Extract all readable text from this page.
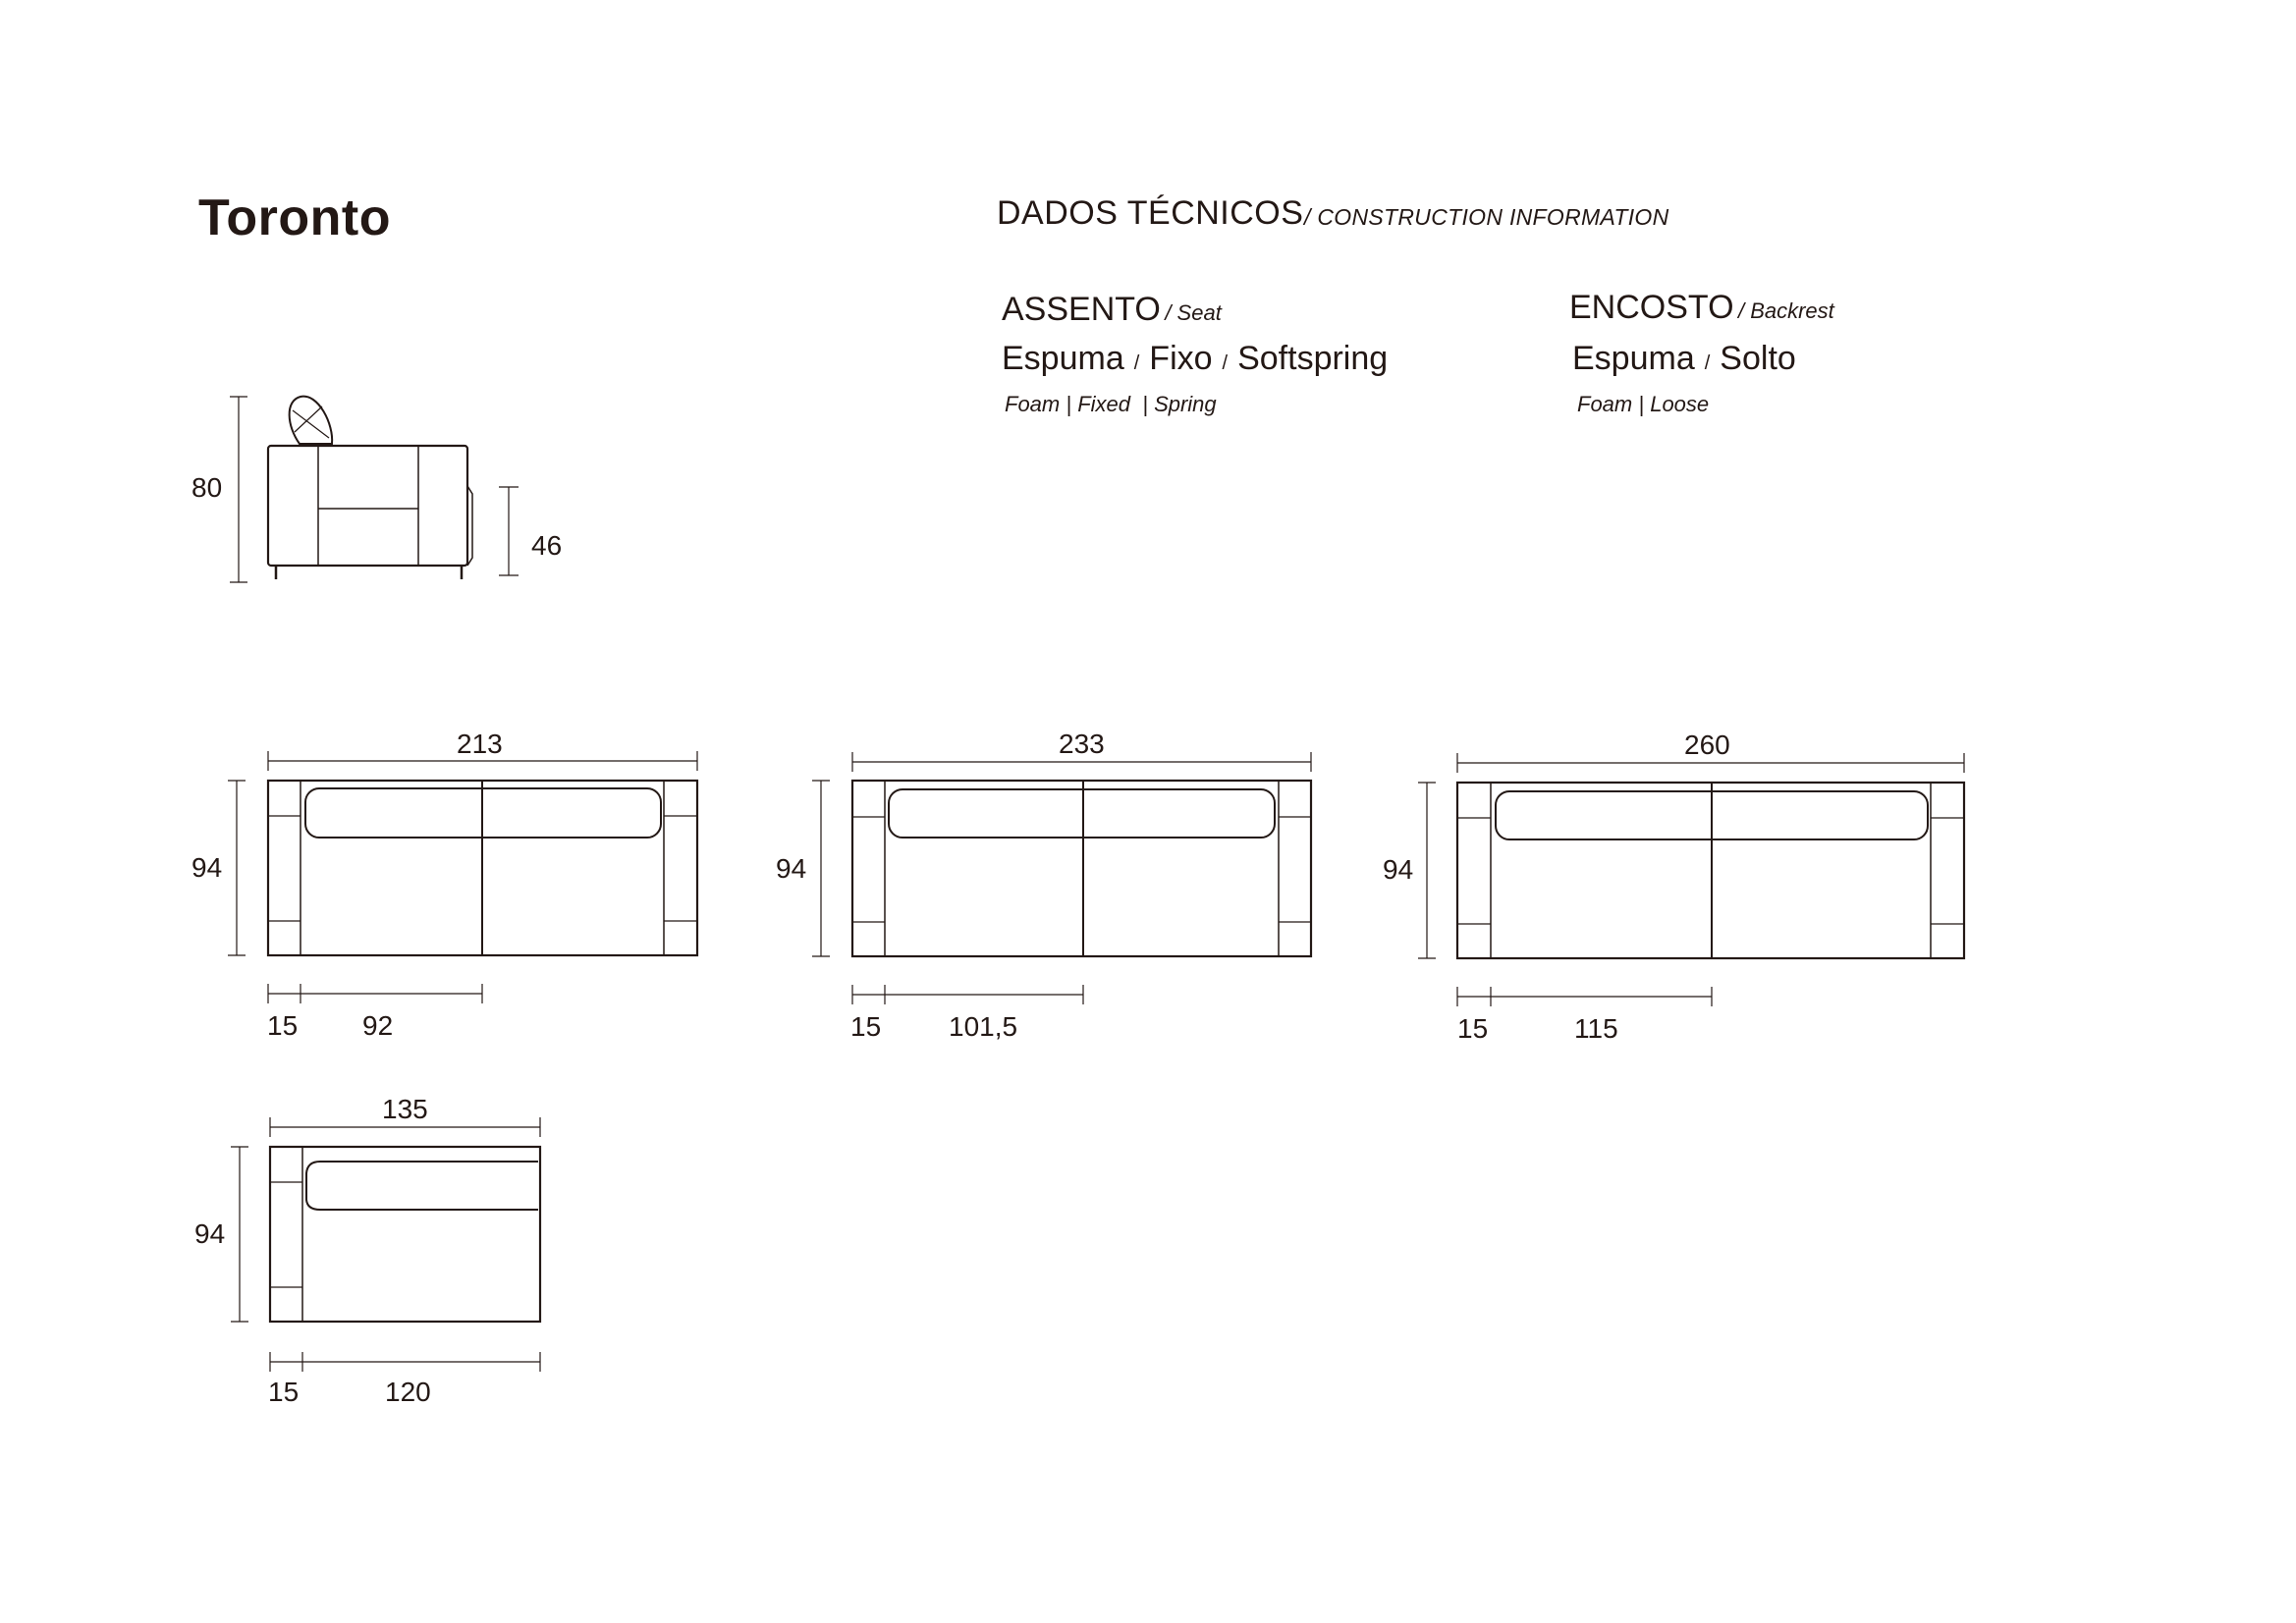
Toronto	DADOS TÉCNICOS / CONSTRUCTION INFORMATION
ASSENTO / Seat
Espuma / Fixo / Softspring
Foam | Fixed  | Spring
ENCOSTO / Backrest
Espuma / Solto
Foam | Loose
80
46
213
94
15 92
233
94
15 101,5
260
94
15	115
135
94
15	120
